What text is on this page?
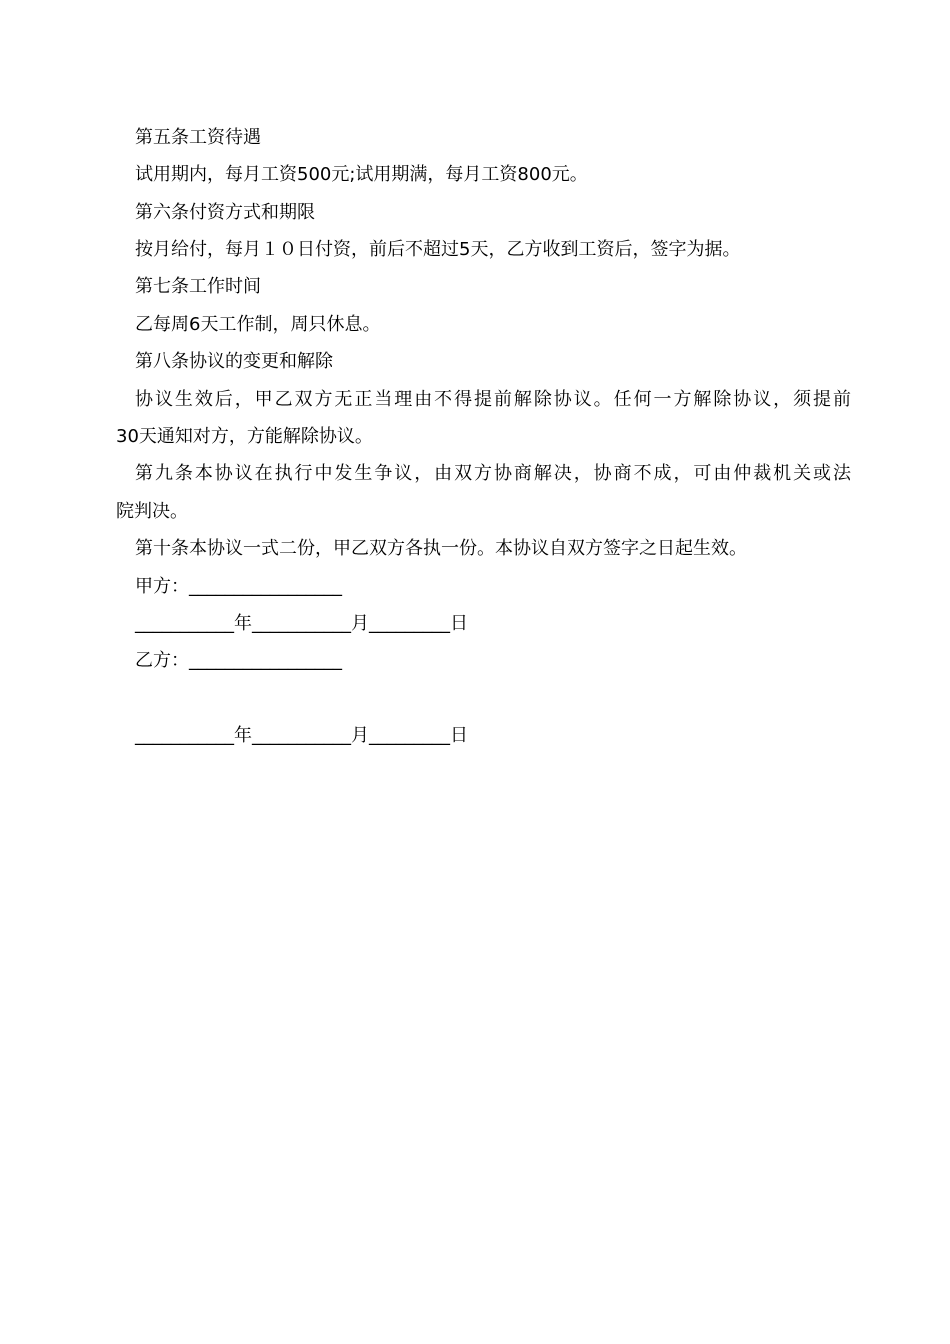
第五条工资待遇
试用期内，每月工资500元;试用期满，每月工资800元。
第六条付资方式和期限
按月给付，每月１０日付资，前后不超过5天，乙方收到工资后，签字为据。
第七条工作时间
乙每周6天工作制，周只休息。
第八条协议的变更和解除
协议生效后，甲乙双方无正当理由不得提前解除协议。任何一方解除协议，须提前
30天通知对方，方能解除协议。
第九条本协议在执行中发生争议，由双方协商解决，协商不成，可由仲裁机关或法
院判决。
第十条本协议一式二份，甲乙双方各执一份。本协议自双方签字之日起生效。
甲方：_________________
___________年___________月_________日
乙方：_________________
___________年___________月_________日
